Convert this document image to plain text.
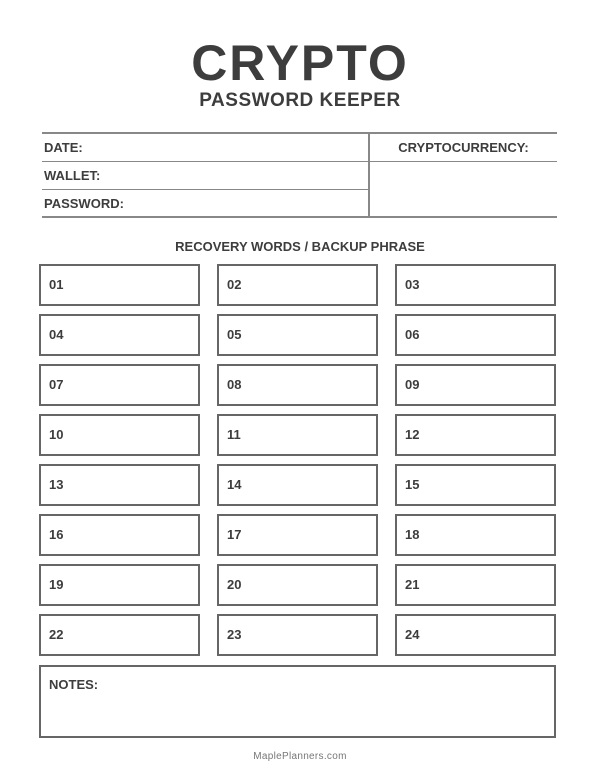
CRYPTO
PASSWORD KEEPER
DATE:
WALLET:
PASSWORD:
CRYPTOCURRENCY:
RECOVERY WORDS / BACKUP PHRASE
01	02	03
04	05	06
07	08	09
10	11	12
13	14	15
16	17	18
19	20	21
22	23	24
NOTES:
MaplePlanners.com
